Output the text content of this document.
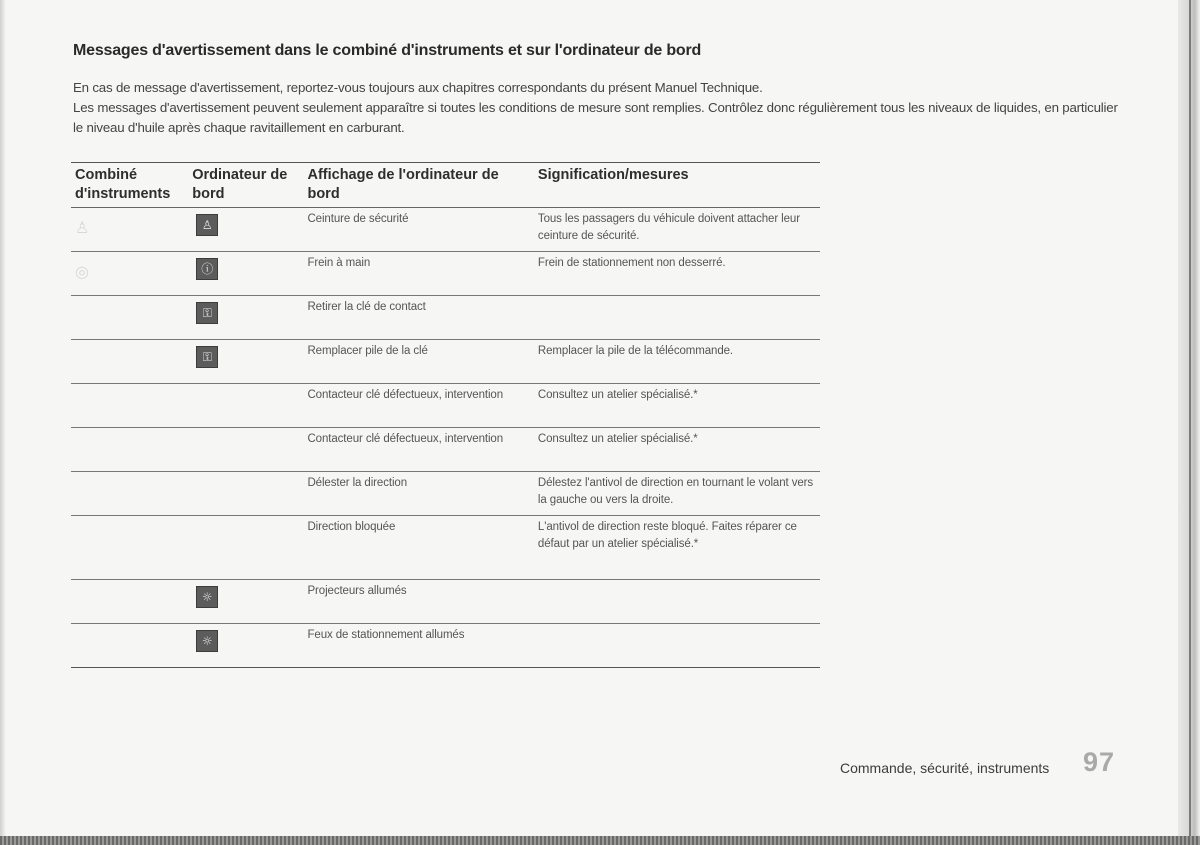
Messages d'avertissement dans le combiné d'instruments et sur l'ordinateur de bord

En cas de message d'avertissement, reportez-vous toujours aux chapitres correspondants du présent Manuel Technique.

Les messages d'avertissement peuvent seulement apparaître si toutes les conditions de mesure sont remplies. Contrôlez donc régulièrement tous les niveaux de liquides, en particulier le niveau d'huile après chaque ravitaillement en carburant.

Combiné d'instruments	Ordinateur de bord	Affichage de l'ordinateur de bord	Signification/mesures
♙	♙	Ceinture de sécurité	Tous les passagers du véhicule doivent attacher leur ceinture de sécurité.
◎	ⓘ	Frein à main	Frein de stationnement non desserré.
	⚿	Retirer la clé de contact	
	⚿	Remplacer pile de la clé	Remplacer la pile de la télécommande.
		Contacteur clé défectueux, intervention	Consultez un atelier spécialisé.*
		Contacteur clé défectueux, intervention	Consultez un atelier spécialisé.*
		Délester la direction	Délestez l'antivol de direction en tournant le volant vers la gauche ou vers la droite.
		Direction bloquée	L'antivol de direction reste bloqué. Faites réparer ce défaut par un atelier spécialisé.*
	☼	Projecteurs allumés	
	☼	Feux de stationnement allumés	
Commande, sécurité, instruments 97
